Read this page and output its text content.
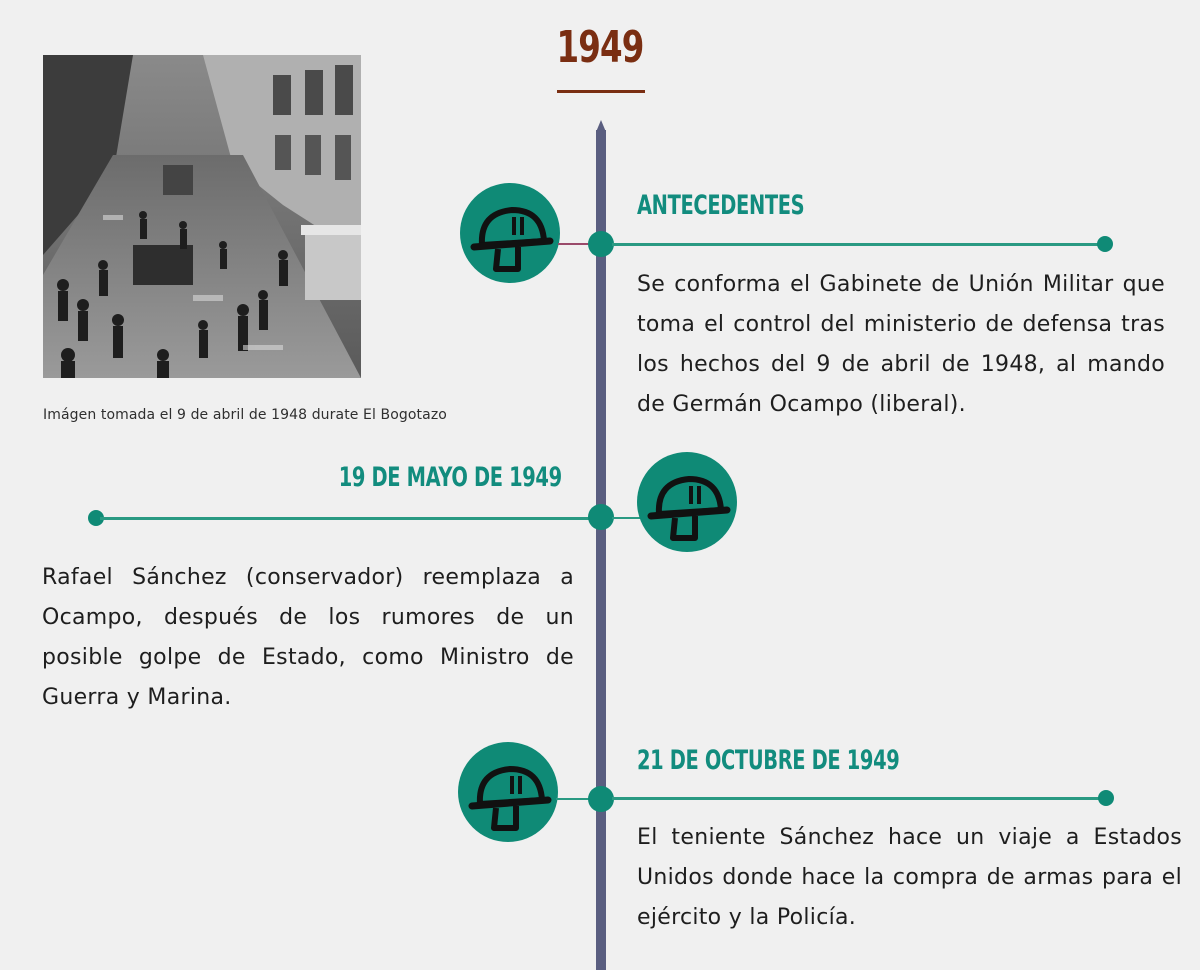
1949
Imágen tomada el 9 de abril de 1948 durate El Bogotazo
ANTECEDENTES
Se conforma el Gabinete de Unión Militar que toma el control del ministerio de defensa tras los hechos del 9 de abril de 1948, al mando de Germán Ocampo (liberal).
19 DE MAYO DE 1949
Rafael Sánchez (conservador) reemplaza a Ocampo, después de los rumores de un posible golpe de Estado, como Ministro de Guerra y Marina.
21 DE OCTUBRE DE 1949
El teniente Sánchez hace un viaje a Estados Unidos donde hace la compra de armas para el ejército y la Policía.
